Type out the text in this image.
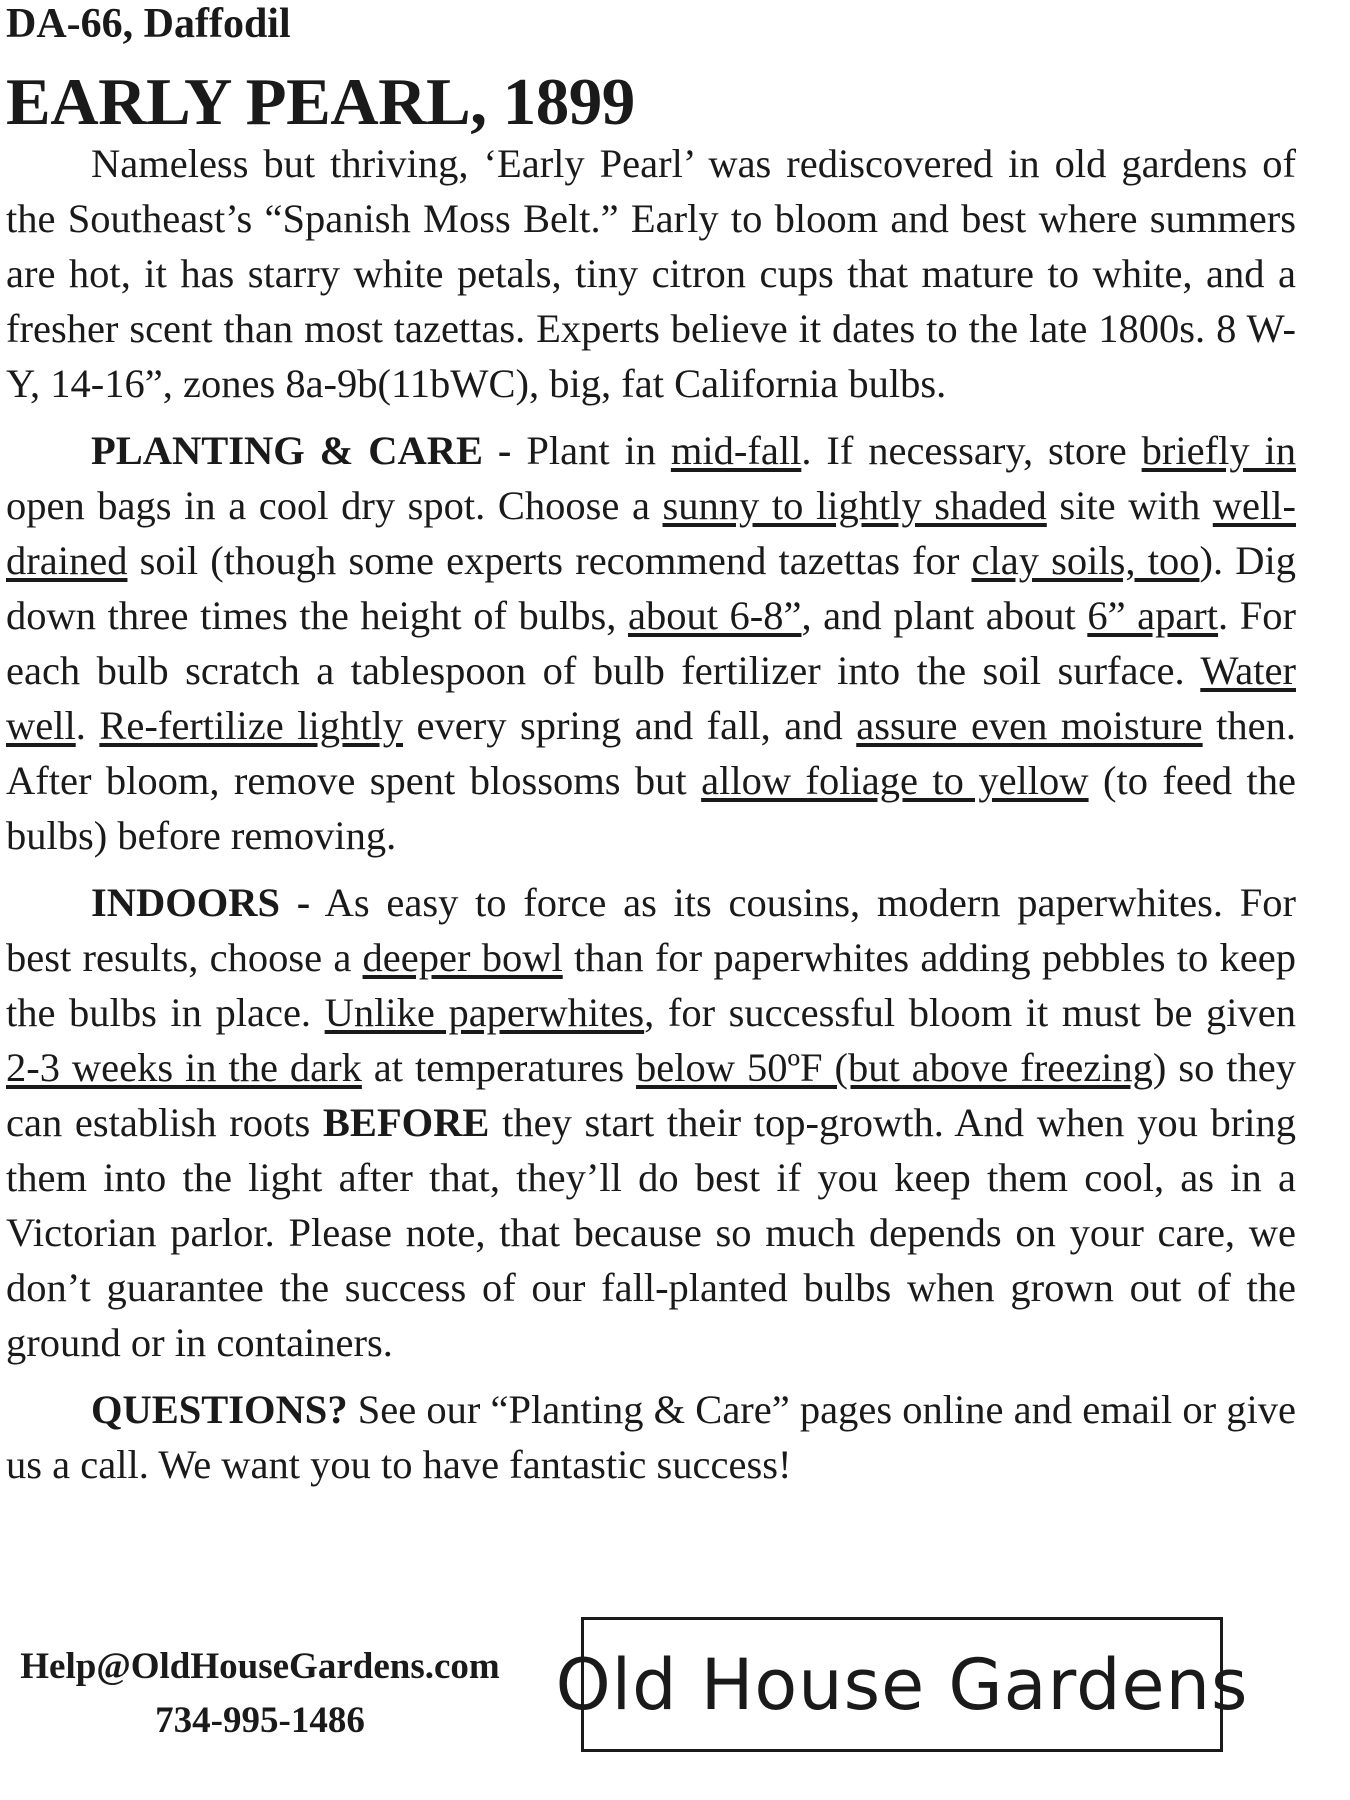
DA-66, Daffodil
EARLY PEARL, 1899

Nameless but thriving, ‘Early Pearl’ was rediscovered in old gardens of the Southeast’s “Spanish Moss Belt.” Early to bloom and best where summers are hot, it has starry white petals, tiny citron cups that mature to white, and a fresher scent than most tazettas. Experts believe it dates to the late 1800s. 8 W-Y, 14-16”, zones 8a-9b(11bWC), big, fat California bulbs.

PLANTING & CARE - Plant in mid-fall. If necessary, store briefly in open bags in a cool dry spot. Choose a sunny to lightly shaded site with well-drained soil (though some experts recommend tazettas for clay soils, too). Dig down three times the height of bulbs, about 6-8”, and plant about 6” apart. For each bulb scratch a tablespoon of bulb fertilizer into the soil surface. Water well. Re-fertilize lightly every spring and fall, and assure even moisture then. After bloom, remove spent blossoms but allow foliage to yellow (to feed the bulbs) before removing.

INDOORS - As easy to force as its cousins, modern paperwhites. For best results, choose a deeper bowl than for paperwhites adding pebbles to keep the bulbs in place. Unlike paperwhites, for successful bloom it must be given 2-3 weeks in the dark at temperatures below 50ºF (but above freezing) so they can establish roots BEFORE they start their top-growth. And when you bring them into the light after that, they’ll do best if you keep them cool, as in a Victorian parlor. Please note, that because so much depends on your care, we don’t guarantee the success of our fall-planted bulbs when grown out of the ground or in containers.

QUESTIONS? See our “Planting & Care” pages online and email or give us a call. We want you to have fantastic success!

Help@OldHouseGardens.com
734-995-1486	Old House Gardens
